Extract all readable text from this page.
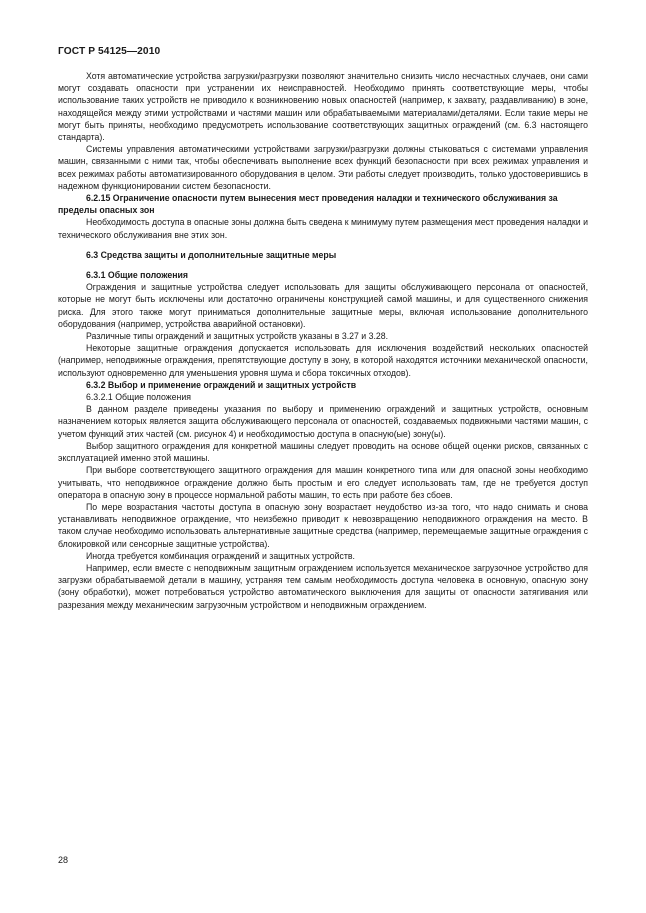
ГОСТ Р 54125—2010

Хотя автоматические устройства загрузки/разгрузки позволяют значительно снизить число несчастных случаев, они сами могут создавать опасности при устранении их неисправностей. Необходимо принять соответствующие меры, чтобы использование таких устройств не приводило к возникновению новых опасностей (например, к захвату, раздавливанию) в зоне, находящейся между этими устройствами и частями машин или обрабатываемыми материалами/деталями. Если такие меры не могут быть приняты, необходимо предусмотреть использование соответствующих защитных ограждений (см. 6.3 настоящего стандарта).

Системы управления автоматическими устройствами загрузки/разгрузки должны стыковаться с системами управления машин, связанными с ними так, чтобы обеспечивать выполнение всех функций безопасности при всех режимах управления и всех режимах работы автоматизированного оборудования в целом. Эти работы следует производить, только удостоверившись в надежном функционировании систем безопасности.

6.2.15 Ограничение опасности путем вынесения мест проведения наладки и технического обслуживания за пределы опасных зон

Необходимость доступа в опасные зоны должна быть сведена к минимуму путем размещения мест проведения наладки и технического обслуживания вне этих зон.

6.3 Средства защиты и дополнительные защитные меры
6.3.1 Общие положения

Ограждения и защитные устройства следует использовать для защиты обслуживающего персонала от опасностей, которые не могут быть исключены или достаточно ограничены конструкцией самой машины, и для существенного снижения риска. Для этого также могут приниматься дополнительные защитные меры, включая использование дополнительного оборудования (например, устройства аварийной остановки).

Различные типы ограждений и защитных устройств указаны в 3.27 и 3.28.

Некоторые защитные ограждения допускается использовать для исключения воздействий нескольких опасностей (например, неподвижные ограждения, препятствующие доступу в зону, в которой находятся источники механической опасности, используют одновременно для уменьшения уровня шума и сбора токсичных отходов).

6.3.2 Выбор и применение ограждений и защитных устройств
6.3.2.1 Общие положения

В данном разделе приведены указания по выбору и применению ограждений и защитных устройств, основным назначением которых является защита обслуживающего персонала от опасностей, создаваемых подвижными частями машин, с учетом функций этих частей (см. рисунок 4) и необходимостью доступа в опасную(ые) зону(ы).

Выбор защитного ограждения для конкретной машины следует проводить на основе общей оценки рисков, связанных с эксплуатацией именно этой машины.

При выборе соответствующего защитного ограждения для машин конкретного типа или для опасной зоны необходимо учитывать, что неподвижное ограждение должно быть простым и его следует использовать там, где не требуется доступ оператора в опасную зону в процессе нормальной работы машин, то есть при работе без сбоев.

По мере возрастания частоты доступа в опасную зону возрастает неудобство из-за того, что надо снимать и снова устанавливать неподвижное ограждение, что неизбежно приводит к невозвращению неподвижного ограждения на место. В таком случае необходимо использовать альтернативные защитные средства (например, перемещаемые защитные ограждения с блокировкой или сенсорные защитные устройства).

Иногда требуется комбинация ограждений и защитных устройств.

Например, если вместе с неподвижным защитным ограждением используется механическое загрузочное устройство для загрузки обрабатываемой детали в машину, устраняя тем самым необходимость доступа человека в основную, опасную зону (зону обработки), может потребоваться устройство автоматического выключения для защиты от опасности затягивания или разрезания между механическим загрузочным устройством и неподвижным ограждением.

28
